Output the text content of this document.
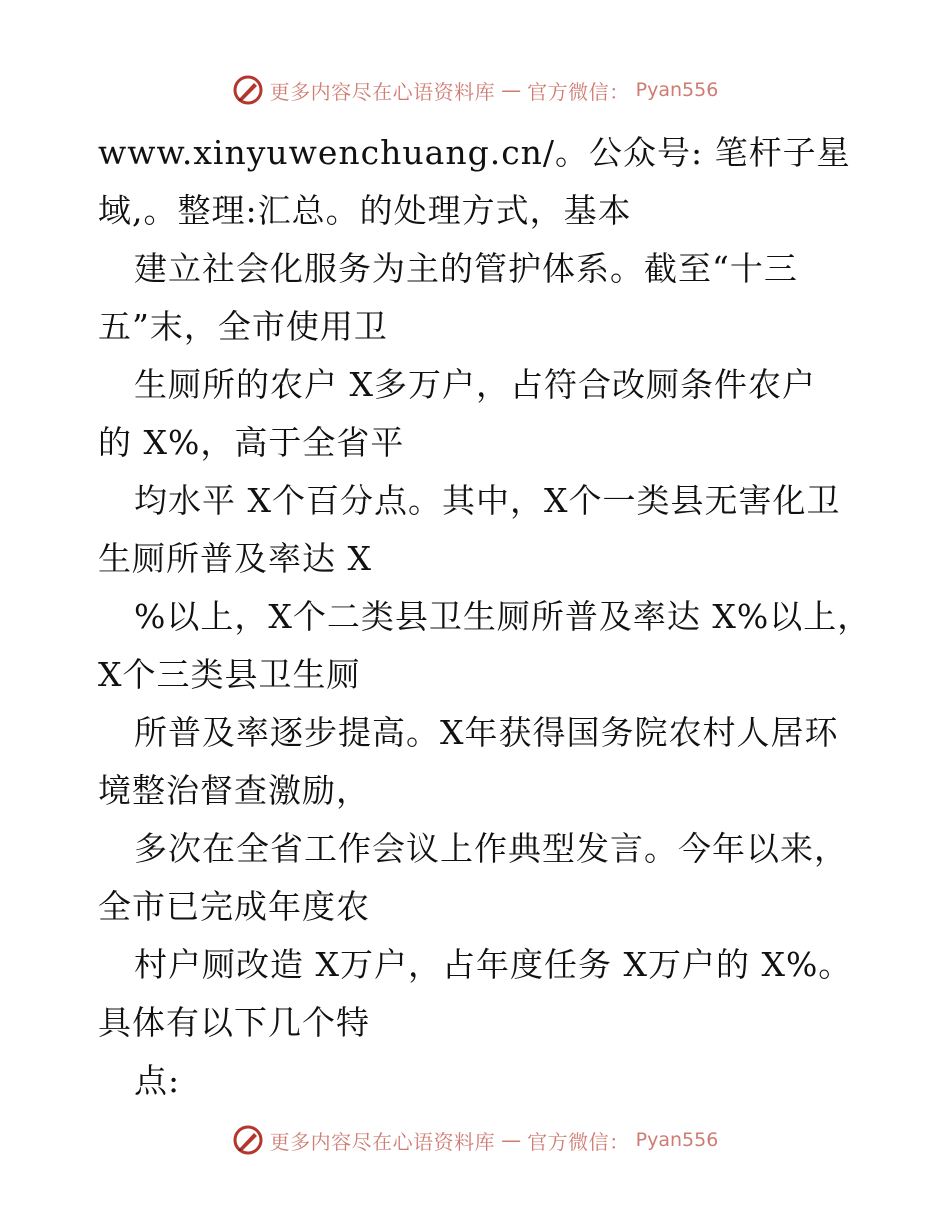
更多内容尽在心语资料库 — 官方微信： Pyan556
www.xinyuwenchuang.cn/。公众号: 笔杆子星
域,。整理:汇总。的处理方式，基本
建立社会化服务为主的管护体系。截至“十三
五”末，全市使用卫
生厕所的农户 X多万户，占符合改厕条件农户
的 X%，高于全省平
均水平 X个百分点。其中，X个一类县无害化卫
生厕所普及率达 X
%以上，X个二类县卫生厕所普及率达 X%以上，
X个三类县卫生厕
所普及率逐步提高。X年获得国务院农村人居环
境整治督查激励，
多次在全省工作会议上作典型发言。今年以来，
全市已完成年度农
村户厕改造 X万户，占年度任务 X万户的 X%。
具体有以下几个特
点:
更多内容尽在心语资料库 — 官方微信： Pyan556
